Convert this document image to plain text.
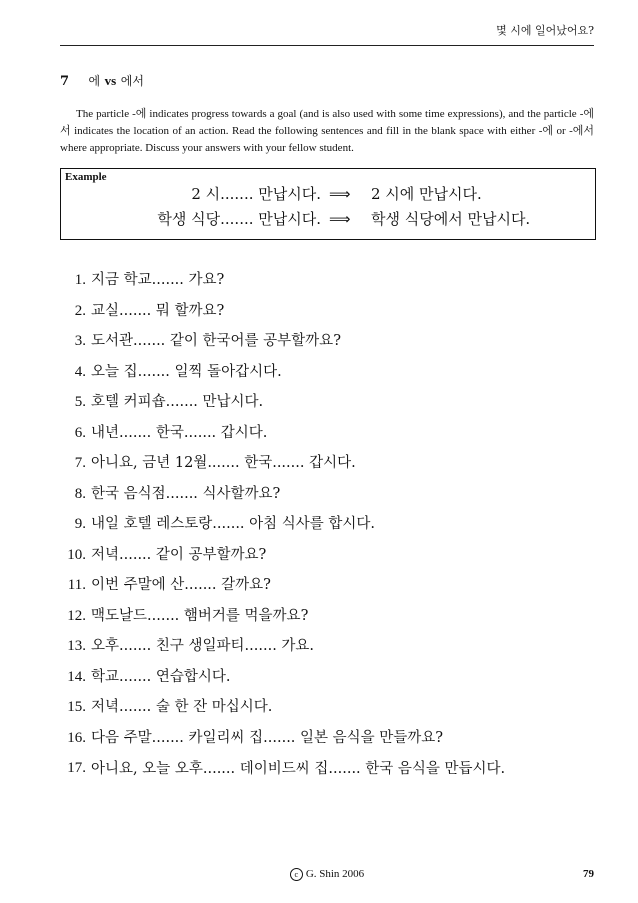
몇 시에 일어났어요?
7 에 vs 에서

The particle -에 indicates progress towards a goal (and is also used with some time expressions), and the particle -에서 indicates the location of an action. Read the following sentences and fill in the blank space with either -에 or -에서 where appropriate. Discuss your answers with your fellow student.

Example
2 시....... 만납시다. ⟹ 2 시에 만납시다.
학생 식당....... 만납시다. ⟹ 학생 식당에서 만납시다.
1. 지금 학교....... 가요?
2. 교실....... 뭐 할까요?
3. 도서관....... 같이 한국어를 공부할까요?
4. 오늘 집....... 일찍 돌아갑시다.
5. 호텔 커피숍....... 만납시다.
6. 내년....... 한국....... 갑시다.
7. 아니요, 금년 12월....... 한국....... 갑시다.
8. 한국 음식점....... 식사할까요?
9. 내일 호텔 레스토랑....... 아침 식사를 합시다.
10. 저녁....... 같이 공부할까요?
11. 이번 주말에 산....... 갈까요?
12. 맥도날드....... 햄버거를 먹을까요?
13. 오후....... 친구 생일파티....... 가요.
14. 학교....... 연습합시다.
15. 저녁....... 술 한 잔 마십시다.
16. 다음 주말....... 카일리씨 집....... 일본 음식을 만들까요?
17. 아니요, 오늘 오후....... 데이비드씨 집....... 한국 음식을 만듭시다.
c G. Shin 2006	79
